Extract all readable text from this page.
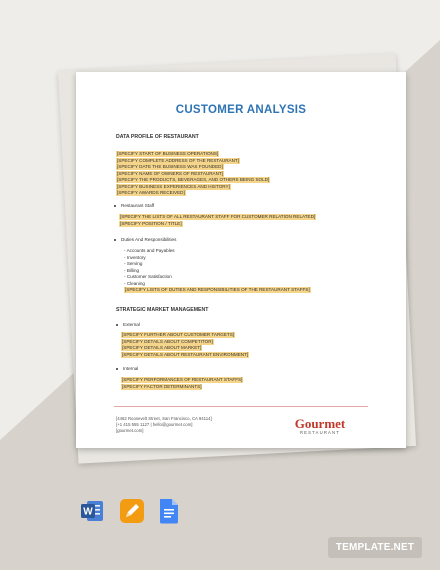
CUSTOMER ANALYSIS
DATA PROFILE OF RESTAURANT
[SPECIFY START OF BUSINESS OPERATIONS]
[SPECIFY COMPLETE ADDRESS OF THE RESTAURANT]
[SPECIFY DATE THE BUSINESS WAS FOUNDED]
[SPECIFY NAME OF OWNERS OF RESTAURANT]
[SPECIFY THE PRODUCTS, BEVERAGES, AND OTHERS BEING SOLD]
[SPECIFY BUSINESS EXPERIENCES AND HISTORY]
[SPECIFY AWARDS RECEIVED]
Restaurant Staff
[SPECIFY THE LISTS OF ALL RESTAURANT STAFF FOR CUSTOMER RELATION RELATED]
[SPECIFY POSITION / TITLE]
Duties And Responsibilities
- Accounts and Payables
- Inventory
- Serving
- Billing
- Customer Satisfaction
- Cleaning
[SPECIFY LISTS OF DUTIES AND RESPONSIBILITIES OF THE RESTAURANT STAFFS]
STRATEGIC MARKET MANAGEMENT
External
[SPECIFY FURTHER ABOUT CUSTOMER TARGETS]
[SPECIFY DETAILS ABOUT COMPETITOR]
[SPECIFY DETAILS ABOUT MARKET]
[SPECIFY DETAILS ABOUT RESTAURANT ENVIRONMENT]
Internal
[SPECIFY PERFORMANCES OF RESTAURANT STAFFS]
[SPECIFY FACTOR DETERMINANTS]
[4462 Roosevelt Street, San Francisco, CA 94114]
[+1 415 555 1127 | hello@gourmet.com]
[gourmet.com]	Gourmet
RESTAURANT
W
TEMPLATE.NET
